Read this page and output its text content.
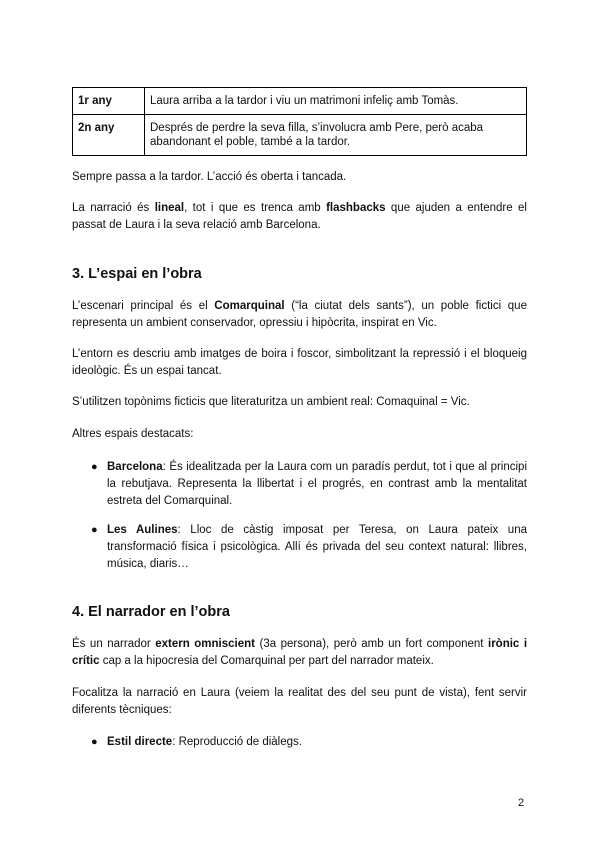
1r any	Laura arriba a la tardor i viu un matrimoni infeliç amb Tomàs.
2n any	Després de perdre la seva filla, s’involucra amb Pere, però acaba abandonant el poble, també a la tardor.

Sempre passa a la tardor. L’acció és oberta i tancada.

La narració és lineal, tot i que es trenca amb flashbacks que ajuden a entendre el passat de Laura i la seva relació amb Barcelona.

3. L’espai en l’obra

L’escenari principal és el Comarquinal (“la ciutat dels sants”), un poble fictici que representa un ambient conservador, opressiu i hipòcrita, inspirat en Vic.

L’entorn es descriu amb imatges de boira i foscor, simbolitzant la repressió i el bloqueig ideològic. És un espai tancat.

S’utilitzen topònims ficticis que literaturitza un ambient real: Comaquinal = Vic.

Altres espais destacats:

● Barcelona: És idealitzada per la Laura com un paradís perdut, tot i que al principi la rebutjava. Representa la llibertat i el progrés, en contrast amb la mentalitat estreta del Comarquinal.

● Les Aulines: Lloc de càstig imposat per Teresa, on Laura pateix una transformació física i psicològica. Allí és privada del seu context natural: llibres, música, diaris…

4. El narrador en l’obra

És un narrador extern omniscient (3a persona), però amb un fort component irònic i crític cap a la hipocresia del Comarquinal per part del narrador mateix.

Focalitza la narració en Laura (veiem la realitat des del seu punt de vista), fent servir diferents tècniques:

● Estil directe: Reproducció de diàlegs.

2
